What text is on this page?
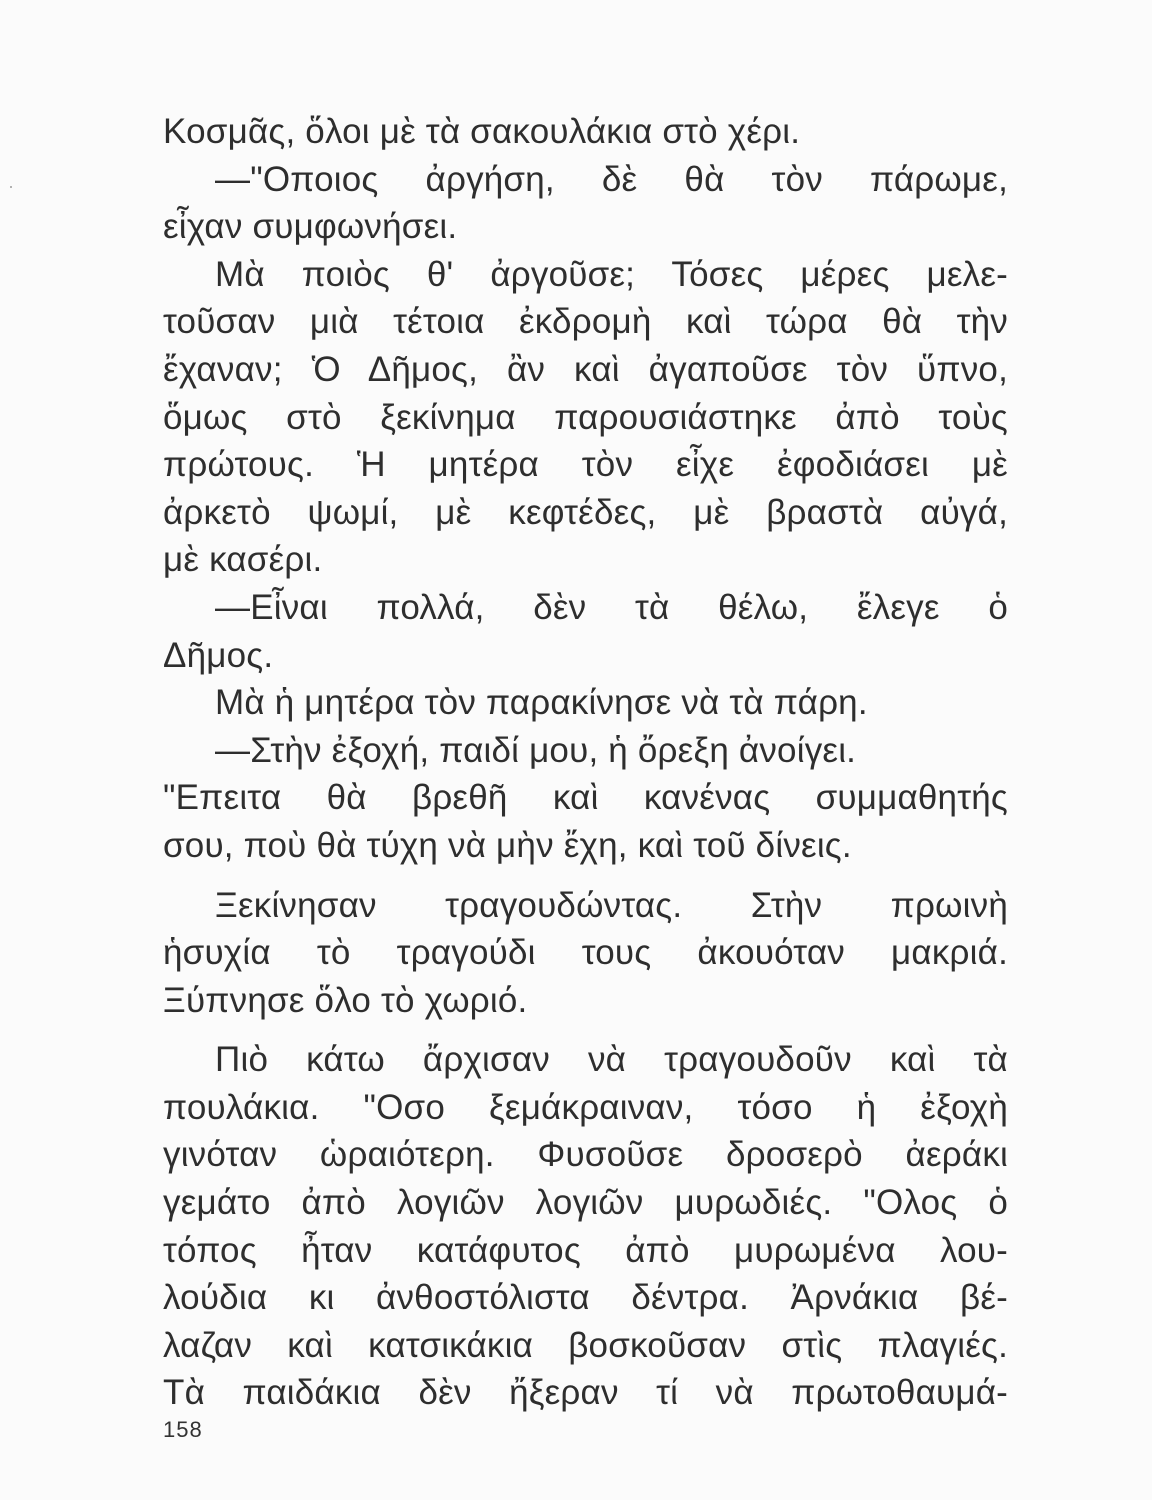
Κοσμᾶς, ὅλοι μὲ τὰ σακουλάκια στὸ χέρι.
—"Οποιος ἀργήση, δὲ θὰ τὸν πάρωμε,
εἶχαν συμφωνήσει.
Μὰ ποιὸς θ' ἀργοῦσε; Τόσες μέρες μελε-
τοῦσαν μιὰ τέτοια ἐκδρομὴ καὶ τώρα θὰ τὴν
ἔχαναν; Ὁ Δῆμος, ἂν καὶ ἀγαποῦσε τὸν ὕπνο,
ὅμως στὸ ξεκίνημα παρουσιάστηκε ἀπὸ τοὺς
πρώτους. Ἡ μητέρα τὸν εἶχε ἐφοδιάσει μὲ
ἀρκετὸ ψωμί, μὲ κεφτέδες, μὲ βραστὰ αὐγά,
μὲ κασέρι.
—Εἶναι πολλά, δὲν τὰ θέλω, ἔλεγε ὁ
Δῆμος.
Μὰ ἡ μητέρα τὸν παρακίνησε νὰ τὰ πάρη.
—Στὴν ἐξοχή, παιδί μου, ἡ ὄρεξη ἀνοίγει.
"Επειτα θὰ βρεθῆ καὶ κανένας συμμαθητής
σου, ποὺ θὰ τύχη νὰ μὴν ἔχη, καὶ τοῦ δίνεις.
Ξεκίνησαν τραγουδώντας. Στὴν πρωινὴ
ἡσυχία τὸ τραγούδι τους ἀκουόταν μακριά.
Ξύπνησε ὅλο τὸ χωριό.
Πιὸ κάτω ἄρχισαν νὰ τραγουδοῦν καὶ τὰ
πουλάκια. "Οσο ξεμάκραιναν, τόσο ἡ ἐξοχὴ
γινόταν ὡραιότερη. Φυσοῦσε δροσερὸ ἀεράκι
γεμάτο ἀπὸ λογιῶν λογιῶν μυρωδιές. "Ολος ὁ
τόπος ἦταν κατάφυτος ἀπὸ μυρωμένα λου-
λούδια κι ἀνθοστόλιστα δέντρα. Ἀρνάκια βέ-
λαζαν καὶ κατσικάκια βοσκοῦσαν στὶς πλαγιές.
Τὰ παιδάκια δὲν ἤξεραν τί νὰ πρωτοθαυμά-
158
